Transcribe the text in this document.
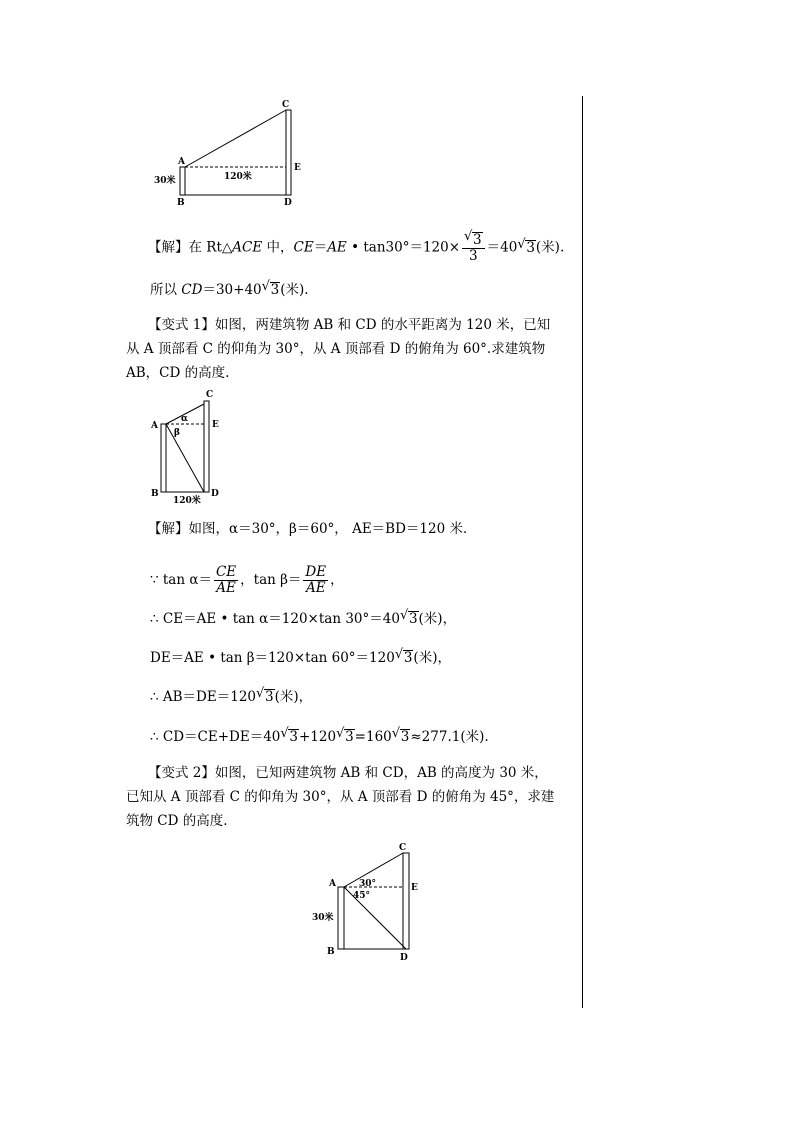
C
A
E
B	D
30米	120米
【解】在 Rt△ACE 中，CE＝AE • tan30°＝120×
√ $\frac{3}{3} =40√$ 3(米).
所以 CD＝30+40√ 3(米).
【变式 1】如图，两建筑物 AB 和 CD 的水平距离为 120 米，已知从 A 顶部看 C 的仰角为 30°，从 A 顶部看 D 的俯角为 60°.求建筑物 AB，CD 的高度.
C
A	E
B	D
α
β
120米
【解】如图，α＝30°，β＝60°， AE＝BD＝120 米．
∵ $\tan \alpha= \frac{CE}{AE}$ ，$\tan \beta= \frac{DE}{AE}$ ，
∴ CE＝AE • tan α＝120×tan 30°＝40√ 3(米)，
DE＝AE • tan β＝120×tan 60°＝120√ 3(米)，
∴ AB＝DE＝120√ 3(米)，
∴ CD＝CE+DE＝40√ 3+120√ 3=160√ 3≈277.1(米).
【变式 2】如图，已知两建筑物 AB 和 CD，AB 的高度为 30 米，已知从 A 顶部看 C 的仰角为 30°，从 A 顶部看 D 的俯角为 45°，求建筑物 CD 的高度.
C
A	E
B
D
30°
45°
30米
